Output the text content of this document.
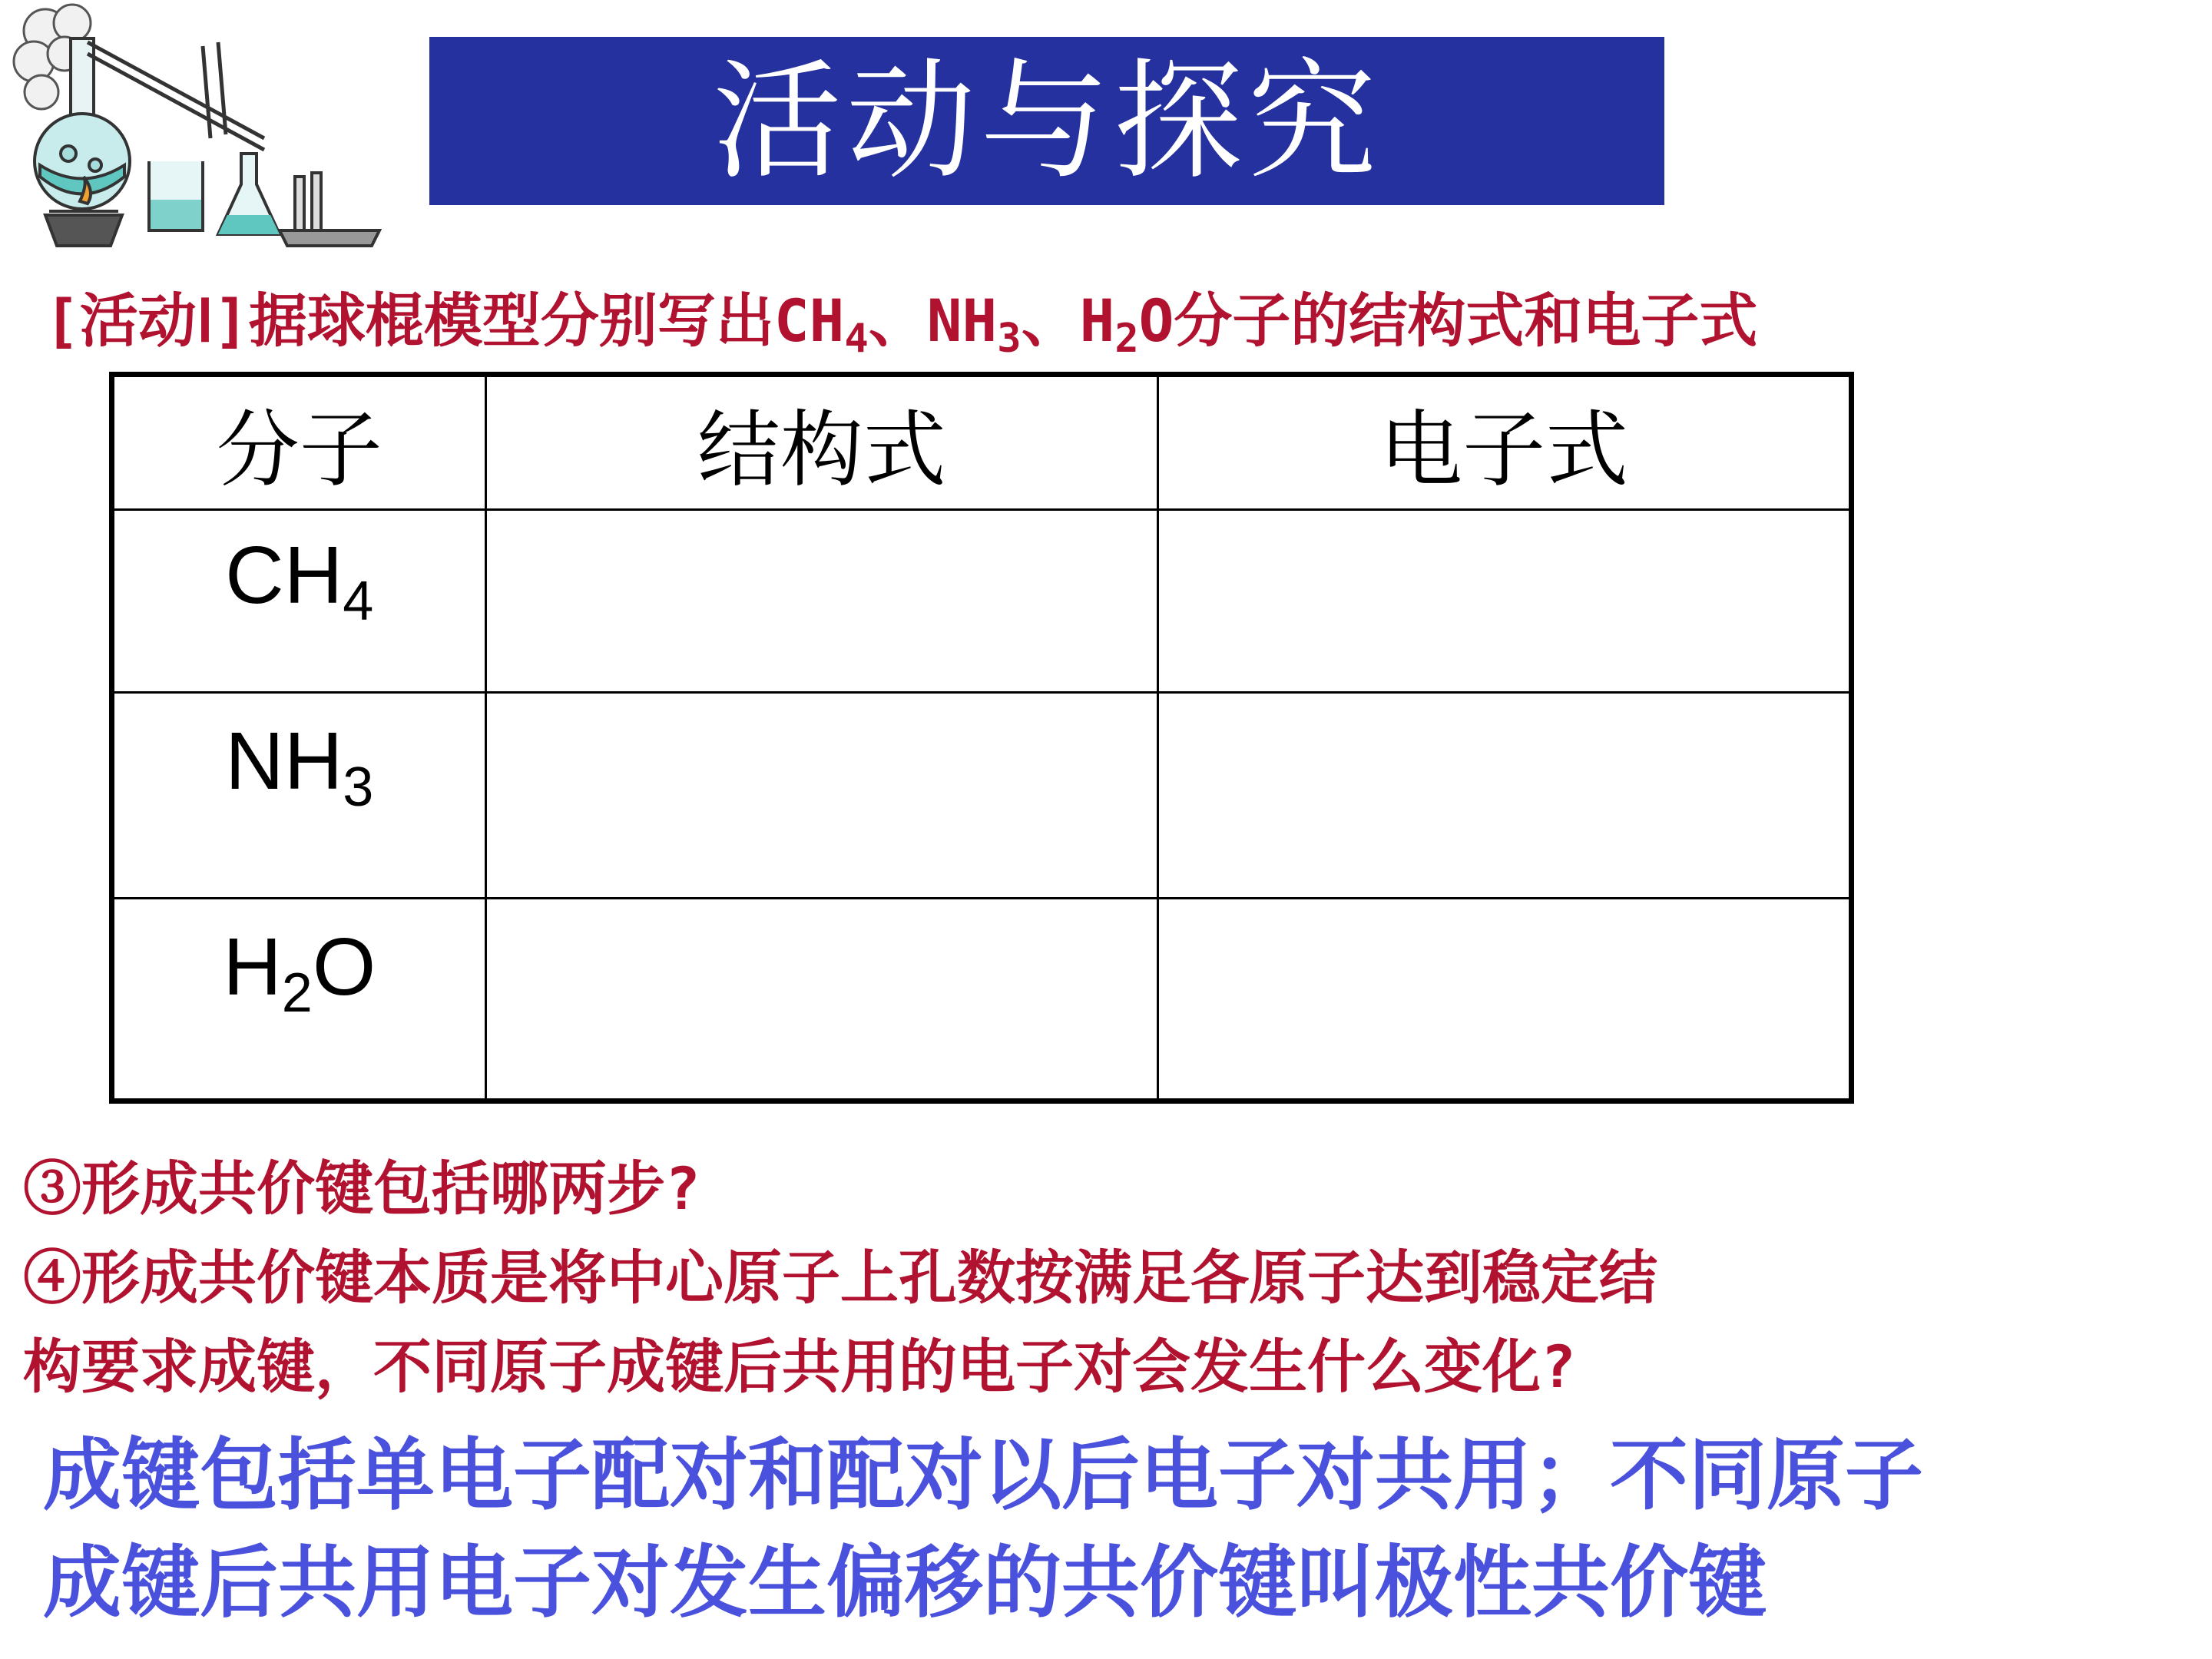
活动与探究
[活动Ⅰ]据球棍模型分别写出$CH_4$、$NH_3$、$H_2O$分子的结构式和电子式
分子	结构式	电子式
$CH_4$		
$NH_3$		
$H_2O$		
③形成共价键包括哪两步?
④形成共价键本质是将中心原子上孔数按满足各原子达到稳定结
构要求成键，不同原子成键后共用的电子对会发生什么变化?
成键包括单电子配对和配对以后电子对共用；不同原子
成键后共用电子对发生偏移的共价键叫极性共价键
